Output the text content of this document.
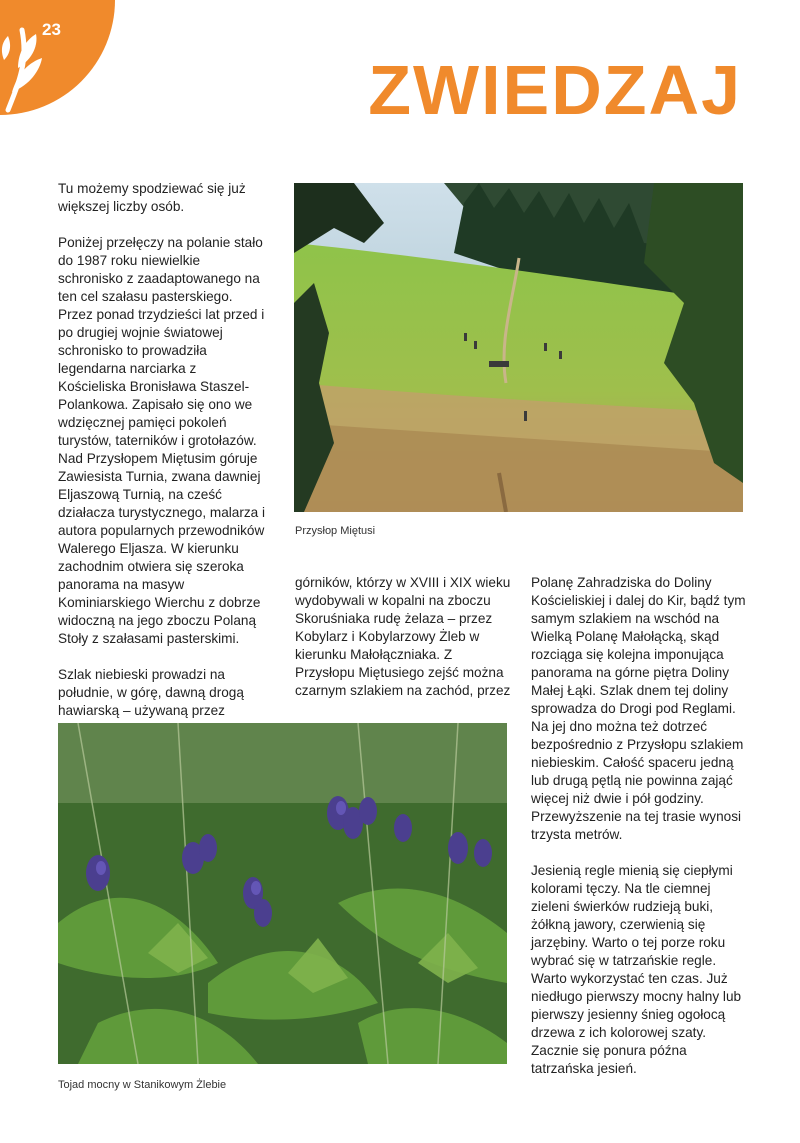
23
ZWIEDZAJ

Tu możemy spodziewać się już większej liczby osób.

Poniżej przełęczy na polanie stało do 1987 roku niewielkie schronisko z zaadaptowanego na ten cel szałasu pasterskiego. Przez ponad trzydzieści lat przed i po drugiej wojnie światowej schronisko to prowadziła legendarna narciarka z Kościeliska Bronisława Staszel-Polankowa. Zapisało się ono we wdzięcznej pamięci pokoleń turystów, taterników i grotołazów. Nad Przysłopem Miętusim góruje Zawiesista Turnia, zwana dawniej Eljaszową Turnią, na cześć działacza turystycznego, malarza i autora popularnych przewodników Walerego Eljasza. W kierunku zachodnim otwiera się szeroka panorama na masyw Kominiarskiego Wierchu z dobrze widoczną na jego zboczu Polaną Stoły z szałasami pasterskimi.

Szlak niebieski prowadzi na południe, w górę, dawną drogą hawiarską – używaną przez

Przysłop Miętusi

górników, którzy w XVIII i XIX wieku wydobywali w kopalni na zboczu Skoruśniaka rudę żelaza – przez Kobylarz i Kobylarzowy Żleb w kierunku Małołączniaka. Z Przysłopu Miętusiego zejść można czarnym szlakiem na zachód, przez

Polanę Zahradziska do Doliny Kościeliskiej i dalej do Kir, bądź tym samym szlakiem na wschód na Wielką Polanę Małołącką, skąd rozciąga się kolejna imponująca panorama na górne piętra Doliny Małej Łąki. Szlak dnem tej doliny sprowadza do Drogi pod Reglami. Na jej dno można też dotrzeć bezpośrednio z Przysłopu szlakiem niebieskim. Całość spaceru jedną lub drugą pętlą nie powinna zająć więcej niż dwie i pół godziny. Przewyższenie na tej trasie wynosi trzysta metrów.

Jesienią regle mienią się ciepłymi kolorami tęczy. Na tle ciemnej zieleni świerków rudzieją buki, żółkną jawory, czerwienią się jarzębiny. Warto o tej porze roku wybrać się w tatrzańskie regle. Warto wykorzystać ten czas. Już niedługo pierwszy mocny halny lub pierwszy jesienny śnieg ogołocą drzewa z ich kolorowej szaty. Zacznie się ponura późna tatrzańska jesień.

Tojad mocny w Stanikowym Żlebie
